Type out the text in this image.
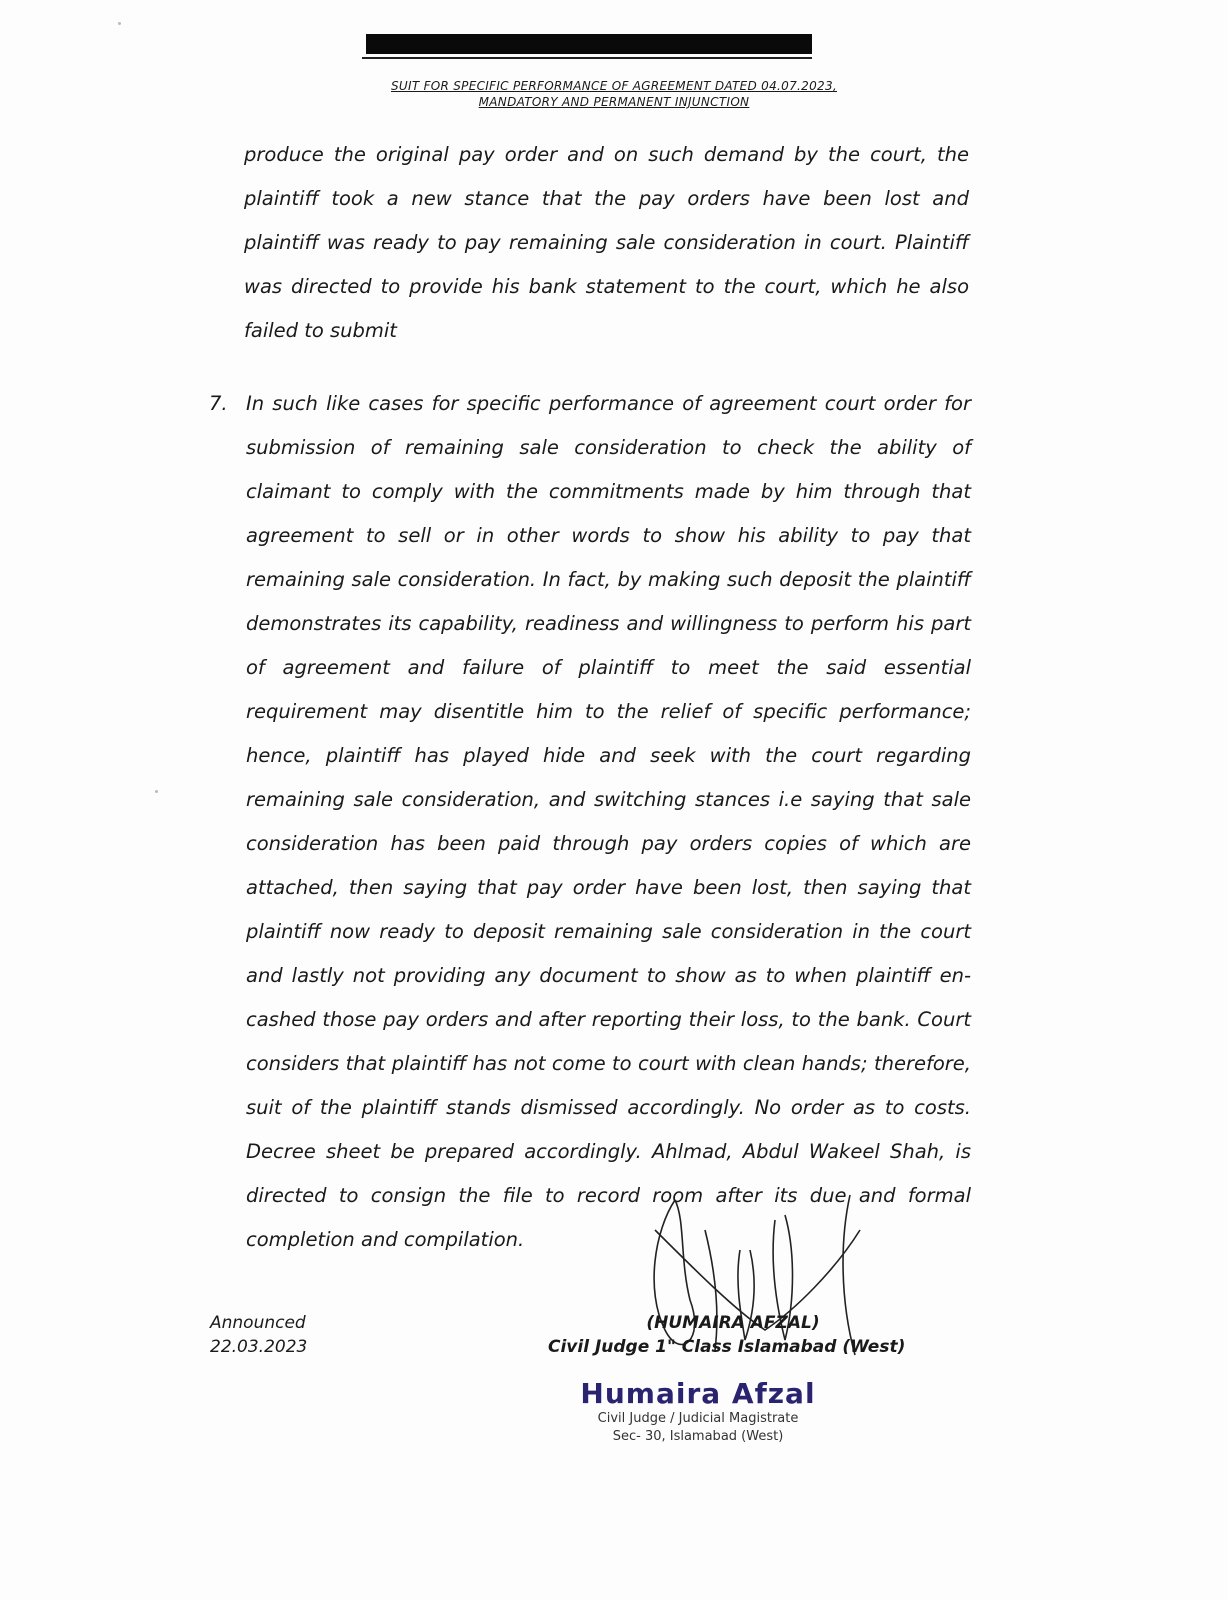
SUIT FOR SPECIFIC PERFORMANCE OF AGREEMENT DATED 04.07.2023,
MANDATORY AND PERMANENT INJUNCTION
produce the original pay order and on such demand by the court, the plaintiff took a new stance that the pay orders have been lost and plaintiff was ready to pay remaining sale consideration in court. Plaintiff was directed to provide his bank statement to the court, which he also failed to submit
7. In such like cases for specific performance of agreement court order for submission of remaining sale consideration to check the ability of claimant to comply with the commitments made by him through that agreement to sell or in other words to show his ability to pay that remaining sale consideration. In fact, by making such deposit the plaintiff demonstrates its capability, readiness and willingness to perform his part of agreement and failure of plaintiff to meet the said essential requirement may disentitle him to the relief of specific performance; hence, plaintiff has played hide and seek with the court regarding remaining sale consideration, and switching stances i.e saying that sale consideration has been paid through pay orders copies of which are attached, then saying that pay order have been lost, then saying that plaintiff now ready to deposit remaining sale consideration in the court and lastly not providing any document to show as to when plaintiff en-cashed those pay orders and after reporting their loss, to the bank. Court considers that plaintiff has not come to court with clean hands; therefore, suit of the plaintiff stands dismissed accordingly. No order as to costs. Decree sheet be prepared accordingly. Ahlmad, Abdul Wakeel Shah, is directed to consign the file to record room after its due and formal completion and compilation.
Announced
22.03.2023
(HUMAIRA AFZAL)
Civil Judge 1" Class Islamabad (West)
Humaira Afzal
Civil Judge / Judicial Magistrate
Sec- 30, Islamabad (West)
